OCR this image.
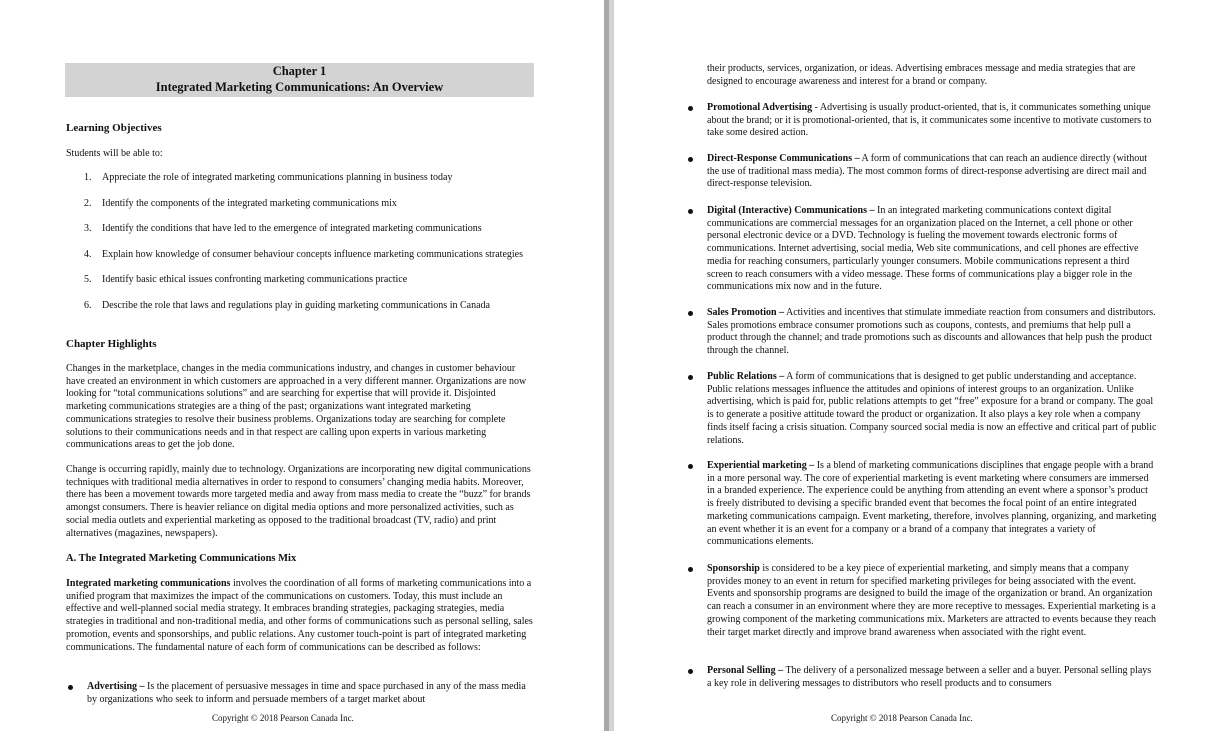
Chapter 1
Integrated Marketing Communications: An Overview
Learning Objectives
Students will be able to:
1. Appreciate the role of integrated marketing communications planning in business today
2. Identify the components of the integrated marketing communications mix
3. Identify the conditions that have led to the emergence of integrated marketing communications
4. Explain how knowledge of consumer behaviour concepts influence marketing communications strategies
5. Identify basic ethical issues confronting marketing communications practice
6. Describe the role that laws and regulations play in guiding marketing communications in Canada
Chapter Highlights
Changes in the marketplace, changes in the media communications industry, and changes in customer behaviour have created an environment in which customers are approached in a very different manner. Organizations are now looking for “total communications solutions” and are searching for expertise that will provide it. Disjointed marketing communications strategies are a thing of the past; organizations want integrated marketing communications strategies to resolve their business problems. Organizations today are searching for complete solutions to their communications needs and in that respect are calling upon experts in various marketing communications areas to get the job done.
Change is occurring rapidly, mainly due to technology. Organizations are incorporating new digital communications techniques with traditional media alternatives in order to respond to consumers’ changing media habits. Moreover, there has been a movement towards more targeted media and away from mass media to create the “buzz” for brands amongst consumers. There is heavier reliance on digital media options and more personalized activities, such as social media outlets and experiential marketing as opposed to the traditional broadcast (TV, radio) and print alternatives (magazines, newspapers).
A. The Integrated Marketing Communications Mix
Integrated marketing communications involves the coordination of all forms of marketing communications into a unified program that maximizes the impact of the communications on customers. Today, this must include an effective and well-planned social media strategy. It embraces branding strategies, packaging strategies, media strategies in traditional and non-traditional media, and other forms of communications such as personal selling, sales promotion, events and sponsorships, and public relations. Any customer touch-point is part of integrated marketing communications. The fundamental nature of each form of communications can be described as follows:
Advertising – Is the placement of persuasive messages in time and space purchased in any of the mass media by organizations who seek to inform and persuade members of a target market about
Copyright © 2018 Pearson Canada Inc.
their products, services, organization, or ideas. Advertising embraces message and media strategies that are designed to encourage awareness and interest for a brand or company.
Promotional Advertising - Advertising is usually product-oriented, that is, it communicates something unique about the brand; or it is promotional-oriented, that is, it communicates some incentive to motivate customers to take some desired action.
Direct-Response Communications – A form of communications that can reach an audience directly (without the use of traditional mass media). The most common forms of direct-response advertising are direct mail and direct-response television.
Digital (Interactive) Communications – In an integrated marketing communications context digital communications are commercial messages for an organization placed on the Internet, a cell phone or other personal electronic device or a DVD. Technology is fueling the movement towards electronic forms of communications. Internet advertising, social media, Web site communications, and cell phones are effective media for reaching consumers, particularly younger consumers. Mobile communications represent a third screen to reach consumers with a video message. These forms of communications play a bigger role in the communications mix now and in the future.
Sales Promotion – Activities and incentives that stimulate immediate reaction from consumers and distributors. Sales promotions embrace consumer promotions such as coupons, contests, and premiums that help pull a product through the channel; and trade promotions such as discounts and allowances that help push the product through the channel.
Public Relations – A form of communications that is designed to get public understanding and acceptance. Public relations messages influence the attitudes and opinions of interest groups to an organization. Unlike advertising, which is paid for, public relations attempts to get “free” exposure for a brand or company. The goal is to generate a positive attitude toward the product or organization. It also plays a key role when a company finds itself facing a crisis situation. Company sourced social media is now an effective and critical part of public relations.
Experiential marketing – Is a blend of marketing communications disciplines that engage people with a brand in a more personal way. The core of experiential marketing is event marketing where consumers are immersed in a branded experience. The experience could be anything from attending an event where a sponsor’s product is freely distributed to devising a specific branded event that becomes the focal point of an entire integrated marketing communications campaign. Event marketing, therefore, involves planning, organizing, and marketing an event whether it is an event for a company or a brand of a company that integrates a variety of communications elements.
Sponsorship is considered to be a key piece of experiential marketing, and simply means that a company provides money to an event in return for specified marketing privileges for being associated with the event. Events and sponsorship programs are designed to build the image of the organization or brand. An organization can reach a consumer in an environment where they are more receptive to messages. Experiential marketing is a growing component of the marketing communications mix. Marketers are attracted to events because they reach their target market directly and improve brand awareness when associated with the right event.
Personal Selling – The delivery of a personalized message between a seller and a buyer. Personal selling plays a key role in delivering messages to distributors who resell products and to consumers
Copyright © 2018 Pearson Canada Inc.
